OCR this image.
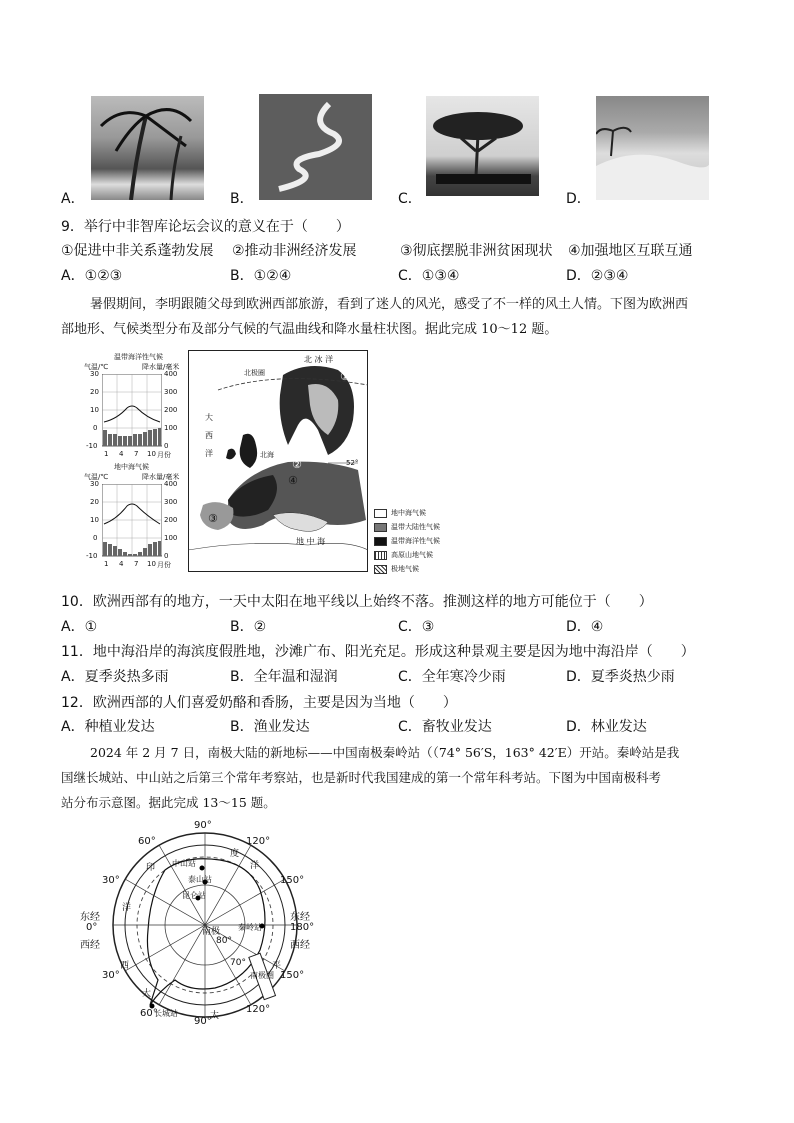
A．	B．	C．	D．
9．举行中非智库论坛会议的意义在于（　　）
①促进中非关系蓬勃发展 ②推动非洲经济发展	③彻底摆脱非洲贫困现状 ④加强地区互联互通
A．①②③	B．①②④	C．①③④	D．②③④
暑假期间，李明跟随父母到欧洲西部旅游，看到了迷人的风光，感受了不一样的风土人情。下图为欧洲西
部地形、气候类型分布及部分气候的气温曲线和降水量柱状图。据此完成 10～12 题。
温带海洋性气候
气温/℃	降水量/毫米
30
20
10
0
-10
400
300
200
100
0
1 4 7 10 月份
地中海气候
气温/℃	降水量/毫米
30
20
10
0
-10
400
300
200
100
0
1 4 7 10 月份
北 冰 洋
北极圈
大
西
洋	北海
52°
地 中 海
①
②
③
④
地中海气候
温带大陆性气候
温带海洋性气候
高原山地气候
极地气候
10．欧洲西部有的地方，一天中太阳在地平线以上始终不落。推测这样的地方可能位于（　　）
A．①	B．②	C．③	D．④
11．地中海沿岸的海滨度假胜地，沙滩广布、阳光充足。形成这种景观主要是因为地中海沿岸（　　）
A．夏季炎热多雨	B．全年温和湿润	C．全年寒冷少雨	D．夏季炎热少雨
12．欧洲西部的人们喜爱奶酪和香肠，主要是因为当地（　　）
A．种植业发达	B．渔业发达	C．畜牧业发达	D．林业发达
2024 年 2 月 7 日，南极大陆的新地标——中国南极秦岭站（（74° 56′S，163° 42′E）开站。秦岭站是我
国继长城站、中山站之后第三个常年考察站，也是新时代我国建成的第一个常年科考站。下图为中国南极科考
站分布示意图。据此完成 13～15 题。
90°
90°
60°	120°
30°	150°
东经
0°
西经
东经
180°
西经
30°	150°
60°	120°
80°
70°
中山站
泰山站
昆仑站
秦岭站
长城站
南极
南极圈
印
度
洋
大
西
洋
太
平
